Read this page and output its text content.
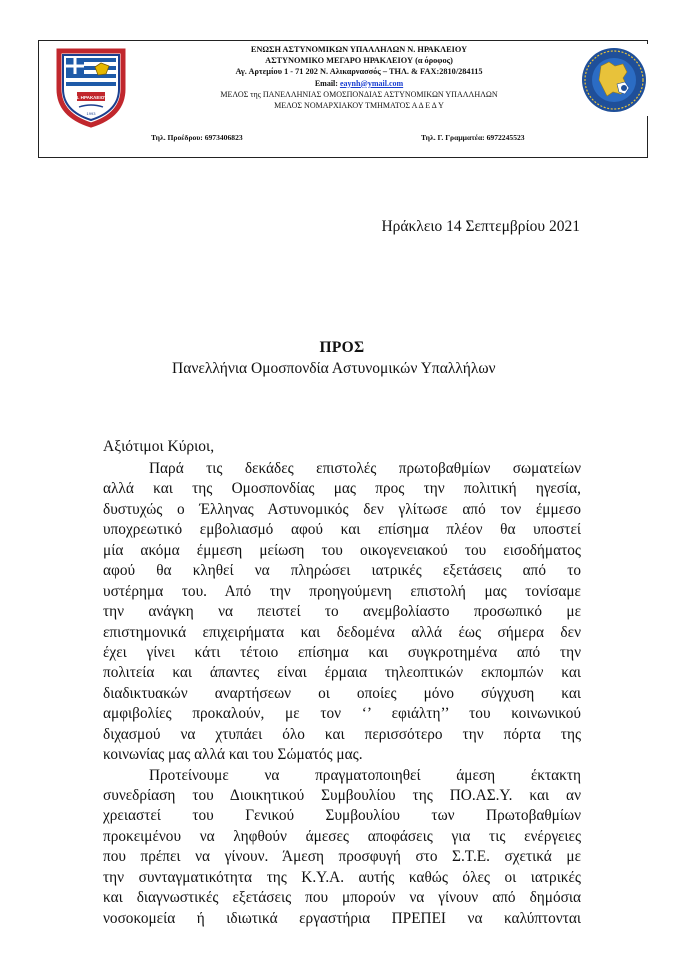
Ν. ΗΡΑΚΛΕΙΟΥ
1993
ΕΝΩΣΗ ΑΣΤΥΝΟΜΙΚΩΝ ΥΠΑΛΛΗΛΩΝ Ν. ΗΡΑΚΛΕΙΟΥ
ΑΣΤΥΝΟΜΙΚΟ ΜΕΓΑΡΟ ΗΡΑΚΛΕΙΟΥ (α όροφος)
Αγ. Αρτεμίου 1 - 71 202 Ν. Αλικαρνασσός – ΤΗΛ. & FAX:2810/284115
Email: eaynh@ymail.com
ΜΕΛΟΣ της ΠΑΝΕΛΛΗΝΙΑΣ ΟΜΟΣΠΟΝΔΙΑΣ ΑΣΤΥΝΟΜΙΚΩΝ ΥΠΑΛΛΗΛΩΝ
ΜΕΛΟΣ ΝΟΜΑΡΧΙΑΚΟΥ ΤΜΗΜΑΤΟΣ Α Δ Ε Δ Υ
Τηλ. Προέδρου: 6973406823	Τηλ. Γ. Γραμματέα: 6972245523
Ηράκλειο 14 Σεπτεμβρίου 2021
ΠΡΟΣ
Πανελλήνια Ομοσπονδία Αστυνομικών Υπαλλήλων
Αξιότιμοι Κύριοι,
Παρά τις δεκάδες επιστολές πρωτοβαθμίων σωματείων
αλλά και της Ομοσπονδίας μας προς την πολιτική ηγεσία,
δυστυχώς ο Έλληνας Αστυνομικός δεν γλίτωσε από τον έμμεσο
υποχρεωτικό εμβολιασμό αφού και επίσημα πλέον θα υποστεί
μία ακόμα έμμεση μείωση του οικογενειακού του εισοδήματος
αφού θα κληθεί να πληρώσει ιατρικές εξετάσεις από το
υστέρημα του. Από την προηγούμενη επιστολή μας τονίσαμε
την ανάγκη να πειστεί το ανεμβολίαστο προσωπικό με
επιστημονικά επιχειρήματα και δεδομένα αλλά έως σήμερα δεν
έχει γίνει κάτι τέτοιο επίσημα και συγκροτημένα από την
πολιτεία και άπαντες είναι έρμαια τηλεοπτικών εκπομπών και
διαδικτυακών αναρτήσεων οι οποίες μόνο σύγχυση και
αμφιβολίες προκαλούν, με τον ‘’ εφιάλτη’’ του κοινωνικού
διχασμού να χτυπάει όλο και περισσότερο την πόρτα της
κοινωνίας μας αλλά και του Σώματός μας.
Προτείνουμε να πραγματοποιηθεί άμεση έκτακτη
συνεδρίαση του Διοικητικού Συμβουλίου της ΠΟ.ΑΣ.Υ. και αν
χρειαστεί του Γενικού Συμβουλίου των Πρωτοβαθμίων
προκειμένου να ληφθούν άμεσες αποφάσεις για τις ενέργειες
που πρέπει να γίνουν. Άμεση προσφυγή στο Σ.Τ.Ε. σχετικά με
την συνταγματικότητα της Κ.Υ.Α. αυτής καθώς όλες οι ιατρικές
και διαγνωστικές εξετάσεις που μπορούν να γίνουν από δημόσια
νοσοκομεία ή ιδιωτικά εργαστήρια ΠΡΕΠΕΙ να καλύπτονται
